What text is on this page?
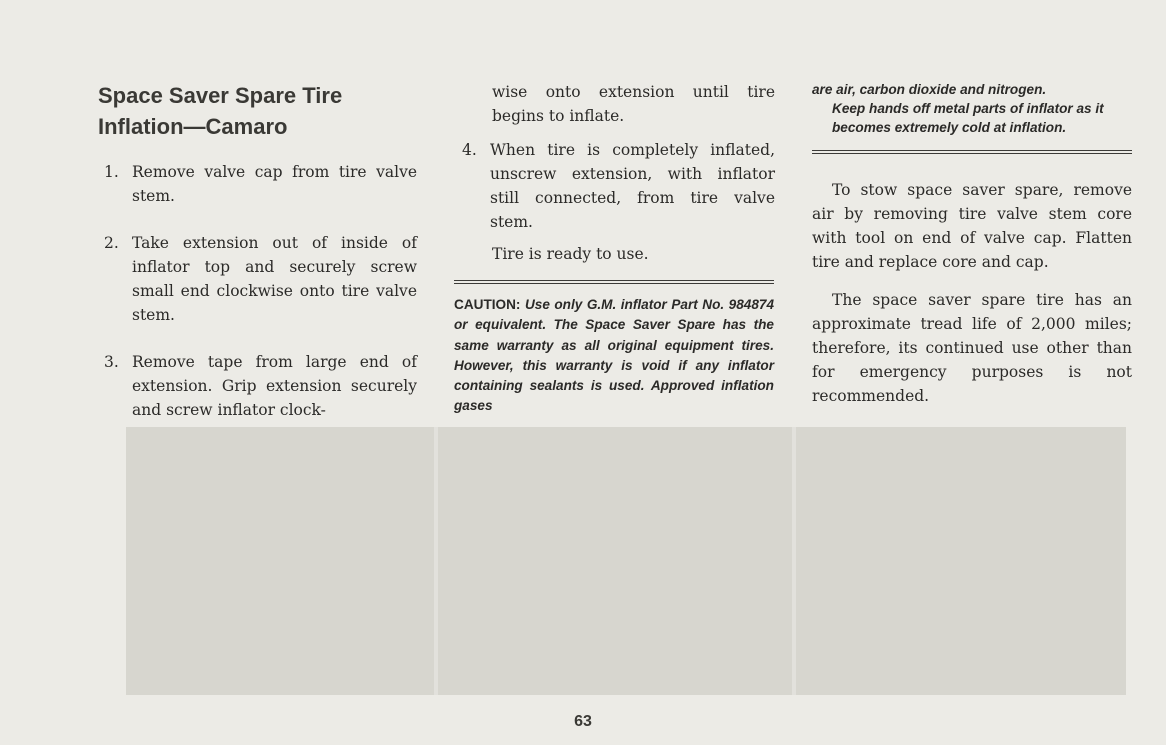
Space Saver Spare Tire
Inflation—Camaro
1. Remove valve cap from tire valve stem.
2. Take extension out of inside of inflator top and securely screw small end clockwise onto tire valve stem.
3. Remove tape from large end of extension. Grip extension securely and screw inflator clock-
wise onto extension until tire begins to inflate.
4. When tire is completely inflated, unscrew extension, with inflator still connected, from tire valve stem.
Tire is ready to use.
CAUTION: Use only G.M. inflator Part No. 984874 or equivalent. The Space Saver Spare has the same warranty as all original equipment tires. However, this warranty is void if any inflator containing sealants is used. Approved inflation gases
are air, carbon dioxide and nitrogen.
Keep hands off metal parts of inflator as it becomes extremely cold at inflation.

To stow space saver spare, remove air by removing tire valve stem core with tool on end of valve cap. Flatten tire and replace core and cap.

The space saver spare tire has an approximate tread life of 2,000 miles; therefore, its continued use other than for emergency purposes is not recommended.

63
